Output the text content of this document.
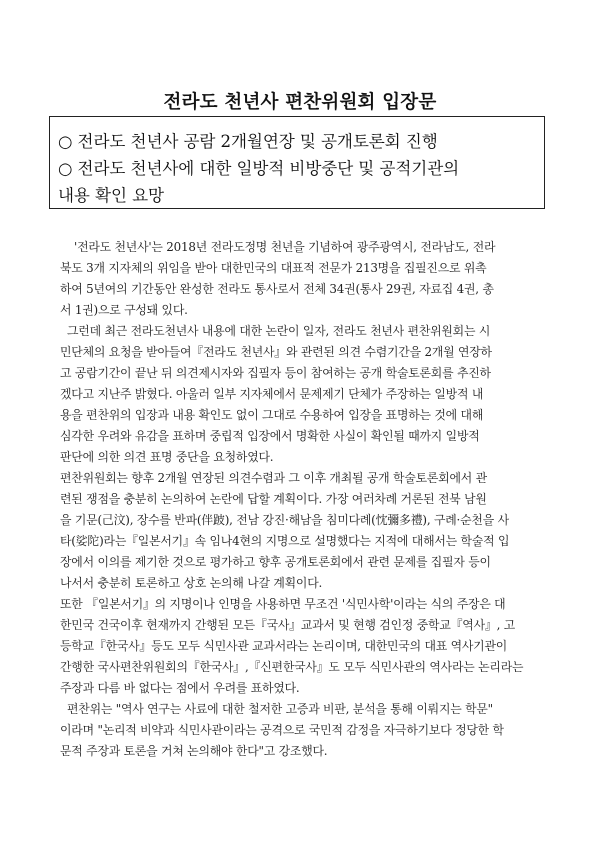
전라도 천년사 편찬위원회 입장문
○ 전라도 천년사 공람 2개월연장 및 공개토론회 진행
○ 전라도 천년사에 대한 일방적 비방중단 및 공적기관의
내용 확인 요망
'전라도 천년사'는 2018년 전라도정명 천년을 기념하여 광주광역시, 전라남도, 전라
북도 3개 지자체의 위임을 받아 대한민국의 대표적 전문가 213명을 집필진으로 위촉
하여 5년여의 기간동안 완성한 전라도 통사로서 전체 34권(통사 29권, 자료집 4권, 총
서 1권)으로 구성돼 있다.
그런데 최근 전라도천년사 내용에 대한 논란이 일자, 전라도 천년사 편찬위원회는 시
민단체의 요청을 받아들여『전라도 천년사』와 관련된 의견 수렴기간을 2개월 연장하
고 공람기간이 끝난 뒤 의견제시자와 집필자 등이 참여하는 공개 학술토론회를 추진하
겠다고 지난주 밝혔다. 아울러 일부 지자체에서 문제제기 단체가 주장하는 일방적 내
용을 편찬위의 입장과 내용 확인도 없이 그대로 수용하여 입장을 표명하는 것에 대해
심각한 우려와 유감을 표하며 중립적 입장에서 명확한 사실이 확인될 때까지 일방적
판단에 의한 의견 표명 중단을 요청하였다.
편찬위원회는 향후 2개월 연장된 의견수렴과 그 이후 개최될 공개 학술토론회에서 관
련된 쟁점을 충분히 논의하여 논란에 답할 계획이다. 가장 여러차례 거론된 전북 남원
을 기문(己汶), 장수를 반파(伴跛), 전남 강진·해남을 침미다례(忱彌多禮), 구례·순천을 사
타(娑陀)라는『일본서기』속 임나4현의 지명으로 설명했다는 지적에 대해서는 학술적 입
장에서 이의를 제기한 것으로 평가하고 향후 공개토론회에서 관련 문제를 집필자 등이
나서서 충분히 토론하고 상호 논의해 나갈 계획이다.
또한 『일본서기』의 지명이나 인명을 사용하면 무조건 '식민사학'이라는 식의 주장은 대
한민국 건국이후 현재까지 간행된 모든『국사』교과서 및 현행 검인정 중학교『역사』, 고
등학교『한국사』등도 모두 식민사관 교과서라는 논리이며, 대한민국의 대표 역사기관이
간행한 국사편찬위원회의『한국사』,『신편한국사』도 모두 식민사관의 역사라는 논리라는
주장과 다름 바 없다는 점에서 우려를 표하였다.
편찬위는 "역사 연구는 사료에 대한 철저한 고증과 비판, 분석을 통해 이뤄지는 학문"
이라며 "논리적 비약과 식민사관이라는 공격으로 국민적 감정을 자극하기보다 정당한 학
문적 주장과 토론을 거쳐 논의해야 한다"고 강조했다.
